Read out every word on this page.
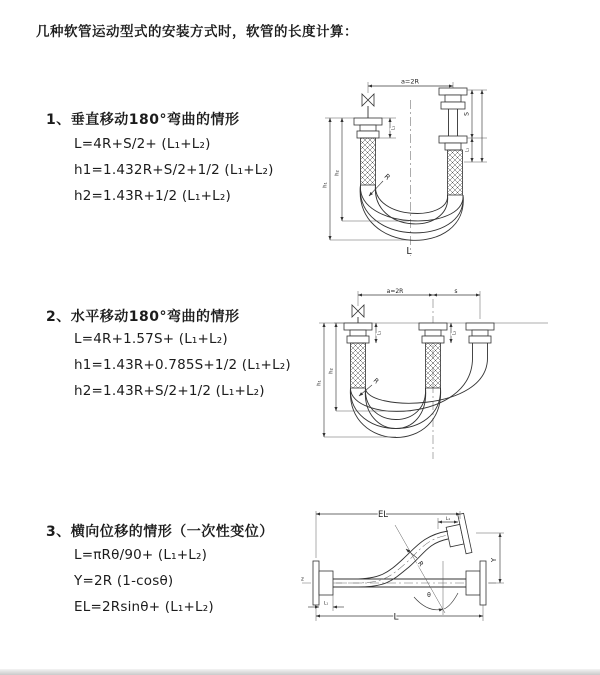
几种软管运动型式的安装方式时，软管的长度计算：
1、垂直移动180°弯曲的情形
L=4R+S/2+ (L₁+L₂)
h1=1.432R+S/2+1/2 (L₁+L₂)
h2=1.43R+1/2 (L₁+L₂)
2、水平移动180°弯曲的情形
L=4R+1.57S+ (L₁+L₂)
h1=1.43R+0.785S+1/2 (L₁+L₂)
h2=1.43R+S/2+1/2 (L₁+L₂)
3、横向位移的情形（一次性变位）
L=πRθ/90+ (L₁+L₂)
Y=2R (1-cosθ)
EL=2Rsinθ+ (L₁+L₂)
a=2R
h₁
h₂
L₁
S
L₁
R
L
a=2R	s
h₁
h₂
L₁	L₂
R
z
θ
R
EL	L₁
Y
L
L₁
